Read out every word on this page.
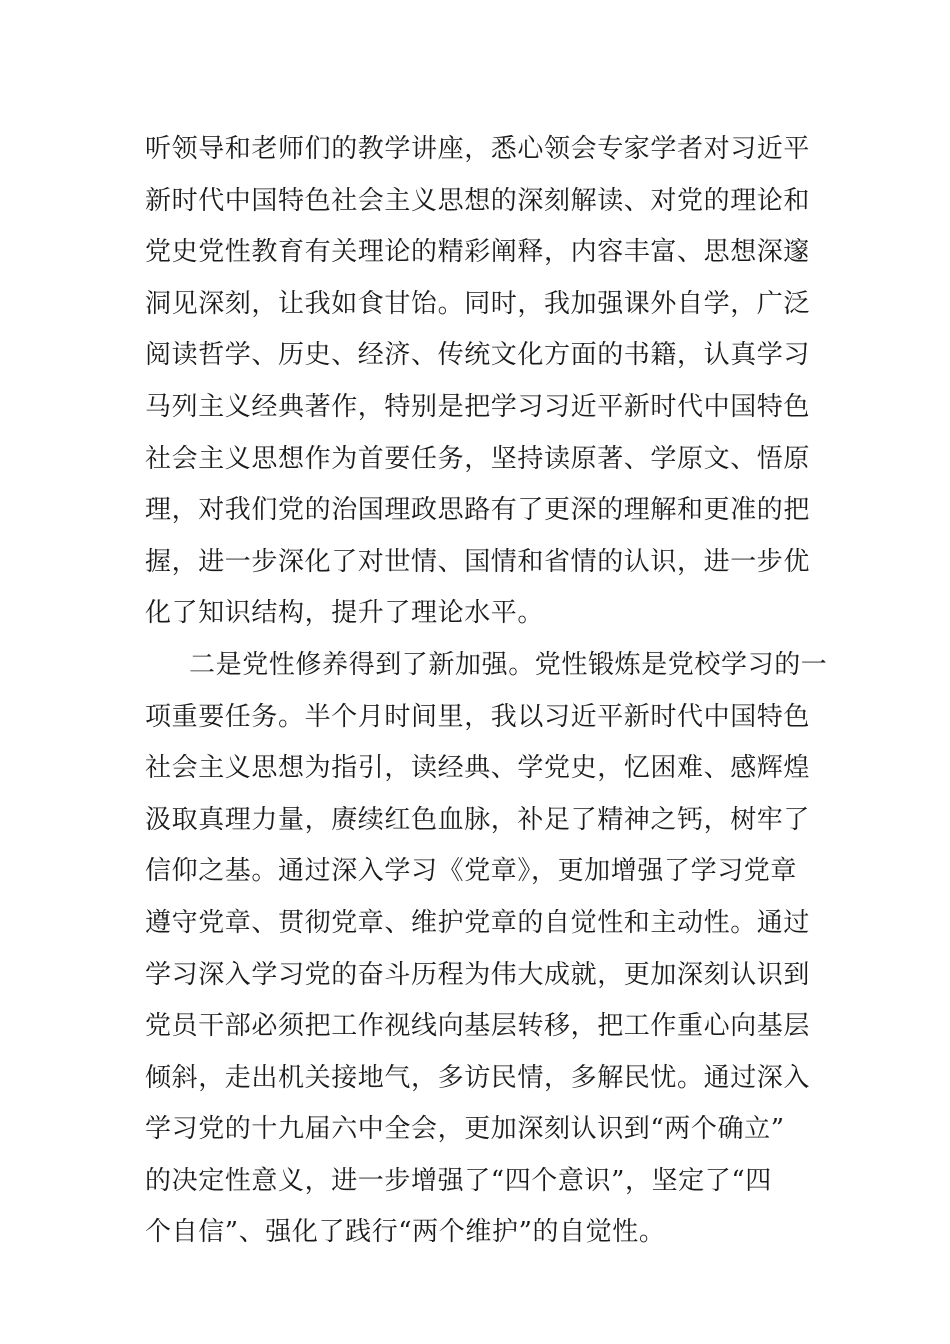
听领导和老师们的教学讲座，悉心领会专家学者对习近平
新时代中国特色社会主义思想的深刻解读、对党的理论和
党史党性教育有关理论的精彩阐释，内容丰富、思想深邃
洞见深刻，让我如食甘饴。同时，我加强课外自学，广泛
阅读哲学、历史、经济、传统文化方面的书籍，认真学习
马列主义经典著作，特别是把学习习近平新时代中国特色
社会主义思想作为首要任务，坚持读原著、学原文、悟原
理，对我们党的治国理政思路有了更深的理解和更准的把
握，进一步深化了对世情、国情和省情的认识，进一步优
化了知识结构，提升了理论水平。
二是党性修养得到了新加强。党性锻炼是党校学习的一
项重要任务。半个月时间里，我以习近平新时代中国特色
社会主义思想为指引，读经典、学党史，忆困难、感辉煌
汲取真理力量，赓续红色血脉，补足了精神之钙，树牢了
信仰之基。通过深入学习《党章》，更加增强了学习党章
遵守党章、贯彻党章、维护党章的自觉性和主动性。通过
学习深入学习党的奋斗历程为伟大成就，更加深刻认识到
党员干部必须把工作视线向基层转移，把工作重心向基层
倾斜，走出机关接地气，多访民情，多解民忧。通过深入
学习党的十九届六中全会，更加深刻认识到“两个确立”
的决定性意义，进一步增强了“四个意识”，坚定了“四
个自信”、强化了践行“两个维护”的自觉性。
